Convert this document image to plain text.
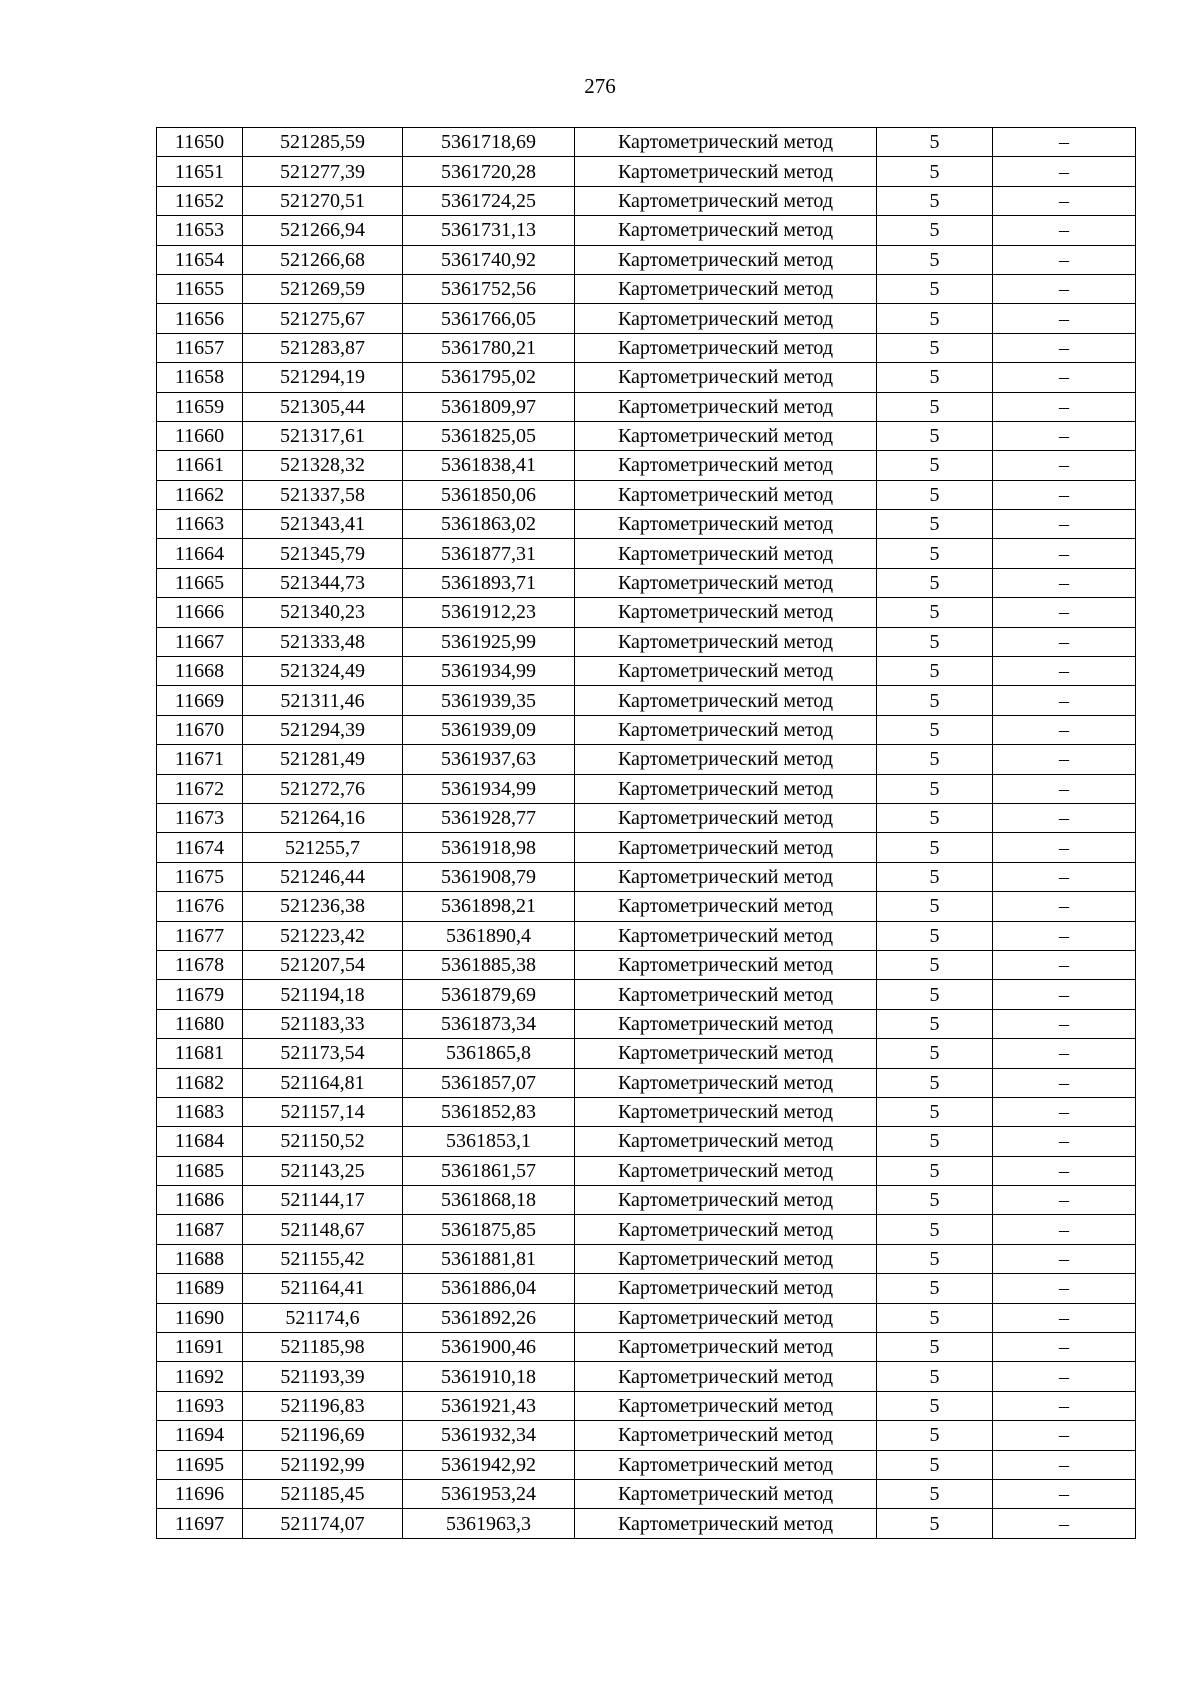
276
11650	521285,59	5361718,69	Картометрический метод	5	–
11651	521277,39	5361720,28	Картометрический метод	5	–
11652	521270,51	5361724,25	Картометрический метод	5	–
11653	521266,94	5361731,13	Картометрический метод	5	–
11654	521266,68	5361740,92	Картометрический метод	5	–
11655	521269,59	5361752,56	Картометрический метод	5	–
11656	521275,67	5361766,05	Картометрический метод	5	–
11657	521283,87	5361780,21	Картометрический метод	5	–
11658	521294,19	5361795,02	Картометрический метод	5	–
11659	521305,44	5361809,97	Картометрический метод	5	–
11660	521317,61	5361825,05	Картометрический метод	5	–
11661	521328,32	5361838,41	Картометрический метод	5	–
11662	521337,58	5361850,06	Картометрический метод	5	–
11663	521343,41	5361863,02	Картометрический метод	5	–
11664	521345,79	5361877,31	Картометрический метод	5	–
11665	521344,73	5361893,71	Картометрический метод	5	–
11666	521340,23	5361912,23	Картометрический метод	5	–
11667	521333,48	5361925,99	Картометрический метод	5	–
11668	521324,49	5361934,99	Картометрический метод	5	–
11669	521311,46	5361939,35	Картометрический метод	5	–
11670	521294,39	5361939,09	Картометрический метод	5	–
11671	521281,49	5361937,63	Картометрический метод	5	–
11672	521272,76	5361934,99	Картометрический метод	5	–
11673	521264,16	5361928,77	Картометрический метод	5	–
11674	521255,7	5361918,98	Картометрический метод	5	–
11675	521246,44	5361908,79	Картометрический метод	5	–
11676	521236,38	5361898,21	Картометрический метод	5	–
11677	521223,42	5361890,4	Картометрический метод	5	–
11678	521207,54	5361885,38	Картометрический метод	5	–
11679	521194,18	5361879,69	Картометрический метод	5	–
11680	521183,33	5361873,34	Картометрический метод	5	–
11681	521173,54	5361865,8	Картометрический метод	5	–
11682	521164,81	5361857,07	Картометрический метод	5	–
11683	521157,14	5361852,83	Картометрический метод	5	–
11684	521150,52	5361853,1	Картометрический метод	5	–
11685	521143,25	5361861,57	Картометрический метод	5	–
11686	521144,17	5361868,18	Картометрический метод	5	–
11687	521148,67	5361875,85	Картометрический метод	5	–
11688	521155,42	5361881,81	Картометрический метод	5	–
11689	521164,41	5361886,04	Картометрический метод	5	–
11690	521174,6	5361892,26	Картометрический метод	5	–
11691	521185,98	5361900,46	Картометрический метод	5	–
11692	521193,39	5361910,18	Картометрический метод	5	–
11693	521196,83	5361921,43	Картометрический метод	5	–
11694	521196,69	5361932,34	Картометрический метод	5	–
11695	521192,99	5361942,92	Картометрический метод	5	–
11696	521185,45	5361953,24	Картометрический метод	5	–
11697	521174,07	5361963,3	Картометрический метод	5	–
